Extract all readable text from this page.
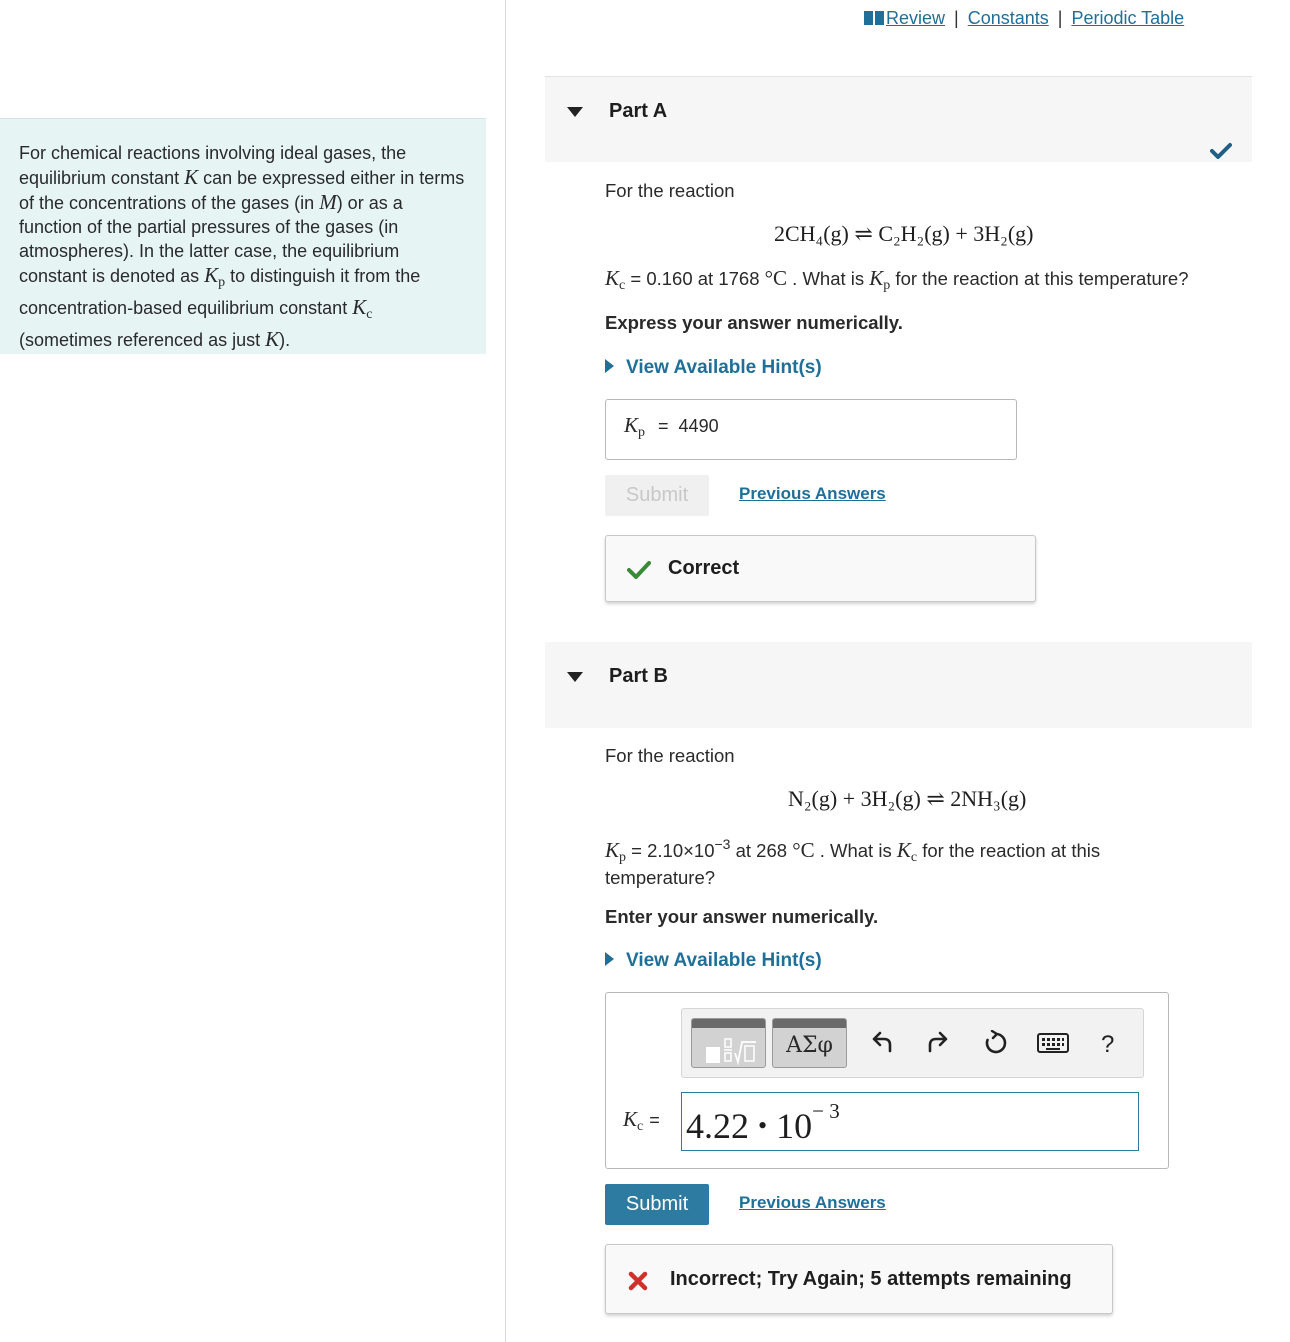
For chemical reactions involving ideal gases, the equilibrium constant K can be expressed either in terms of the concentrations of the gases (in M) or as a function of the partial pressures of the gases (in atmospheres). In the latter case, the equilibrium constant is denoted as $K_p$ to distinguish it from the concentration-based equilibrium constant $K_c$ (sometimes referenced as just K).
Review | Constants | Periodic Table
Part A
For the reaction
2CH₄(g) ⇌ C₂H₂(g) + 3H₂(g)
$K_c = 0.160$ at 1768 °C . What is $K_p$ for the reaction at this temperature?
Express your answer numerically.
View Available Hint(s)
$K_p = 4490$
Submit	Previous Answers
Correct
Part B
For the reaction
N₂(g) + 3H₂(g) ⇌ 2NH₃(g)
$K_p = 2.10\times 10^{-3}$ at 268 °C . What is $K_c$ for the reaction at this
temperature?
Enter your answer numerically.
View Available Hint(s)
ΑΣφ	?
$K_c = 4.22$ • $10^{- 3}$
Submit	Previous Answers
Incorrect; Try Again; 5 attempts remaining
